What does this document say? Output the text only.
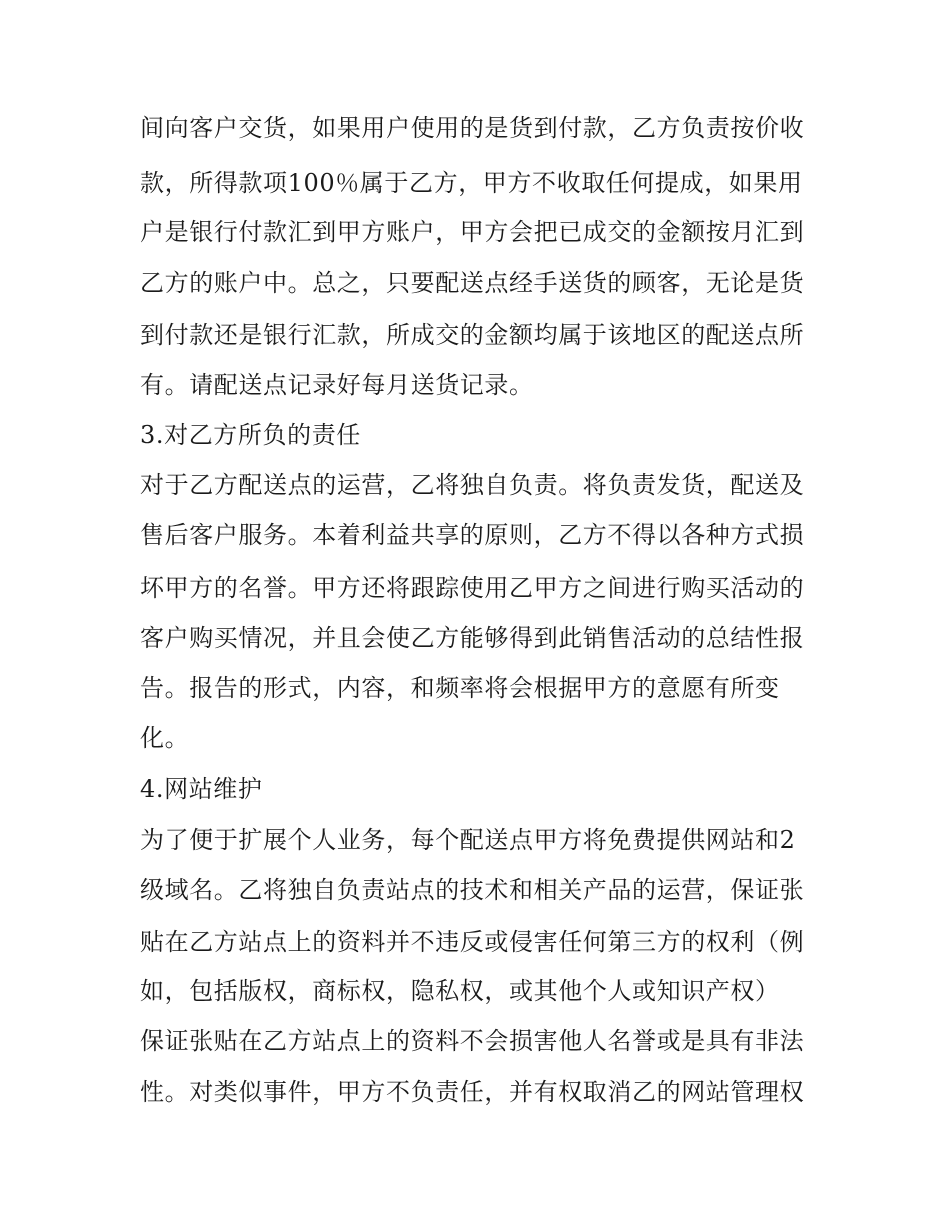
间向客户交货，如果用户使用的是货到付款，乙方负责按价收
款，所得款项100％属于乙方，甲方不收取任何提成，如果用
户是银行付款汇到甲方账户，甲方会把已成交的金额按月汇到
乙方的账户中。总之，只要配送点经手送货的顾客，无论是货
到付款还是银行汇款，所成交的金额均属于该地区的配送点所
有。请配送点记录好每月送货记录。
3.对乙方所负的责任
对于乙方配送点的运营，乙将独自负责。将负责发货，配送及
售后客户服务。本着利益共享的原则，乙方不得以各种方式损
坏甲方的名誉。甲方还将跟踪使用乙甲方之间进行购买活动的
客户购买情况，并且会使乙方能够得到此销售活动的总结性报
告。报告的形式，内容，和频率将会根据甲方的意愿有所变
化。
4.网站维护
为了便于扩展个人业务，每个配送点甲方将免费提供网站和2
级域名。乙将独自负责站点的技术和相关产品的运营，保证张
贴在乙方站点上的资料并不违反或侵害任何第三方的权利（例
如，包括版权，商标权，隐私权，或其他个人或知识产权）
保证张贴在乙方站点上的资料不会损害他人名誉或是具有非法
性。对类似事件，甲方不负责任，并有权取消乙的网站管理权
